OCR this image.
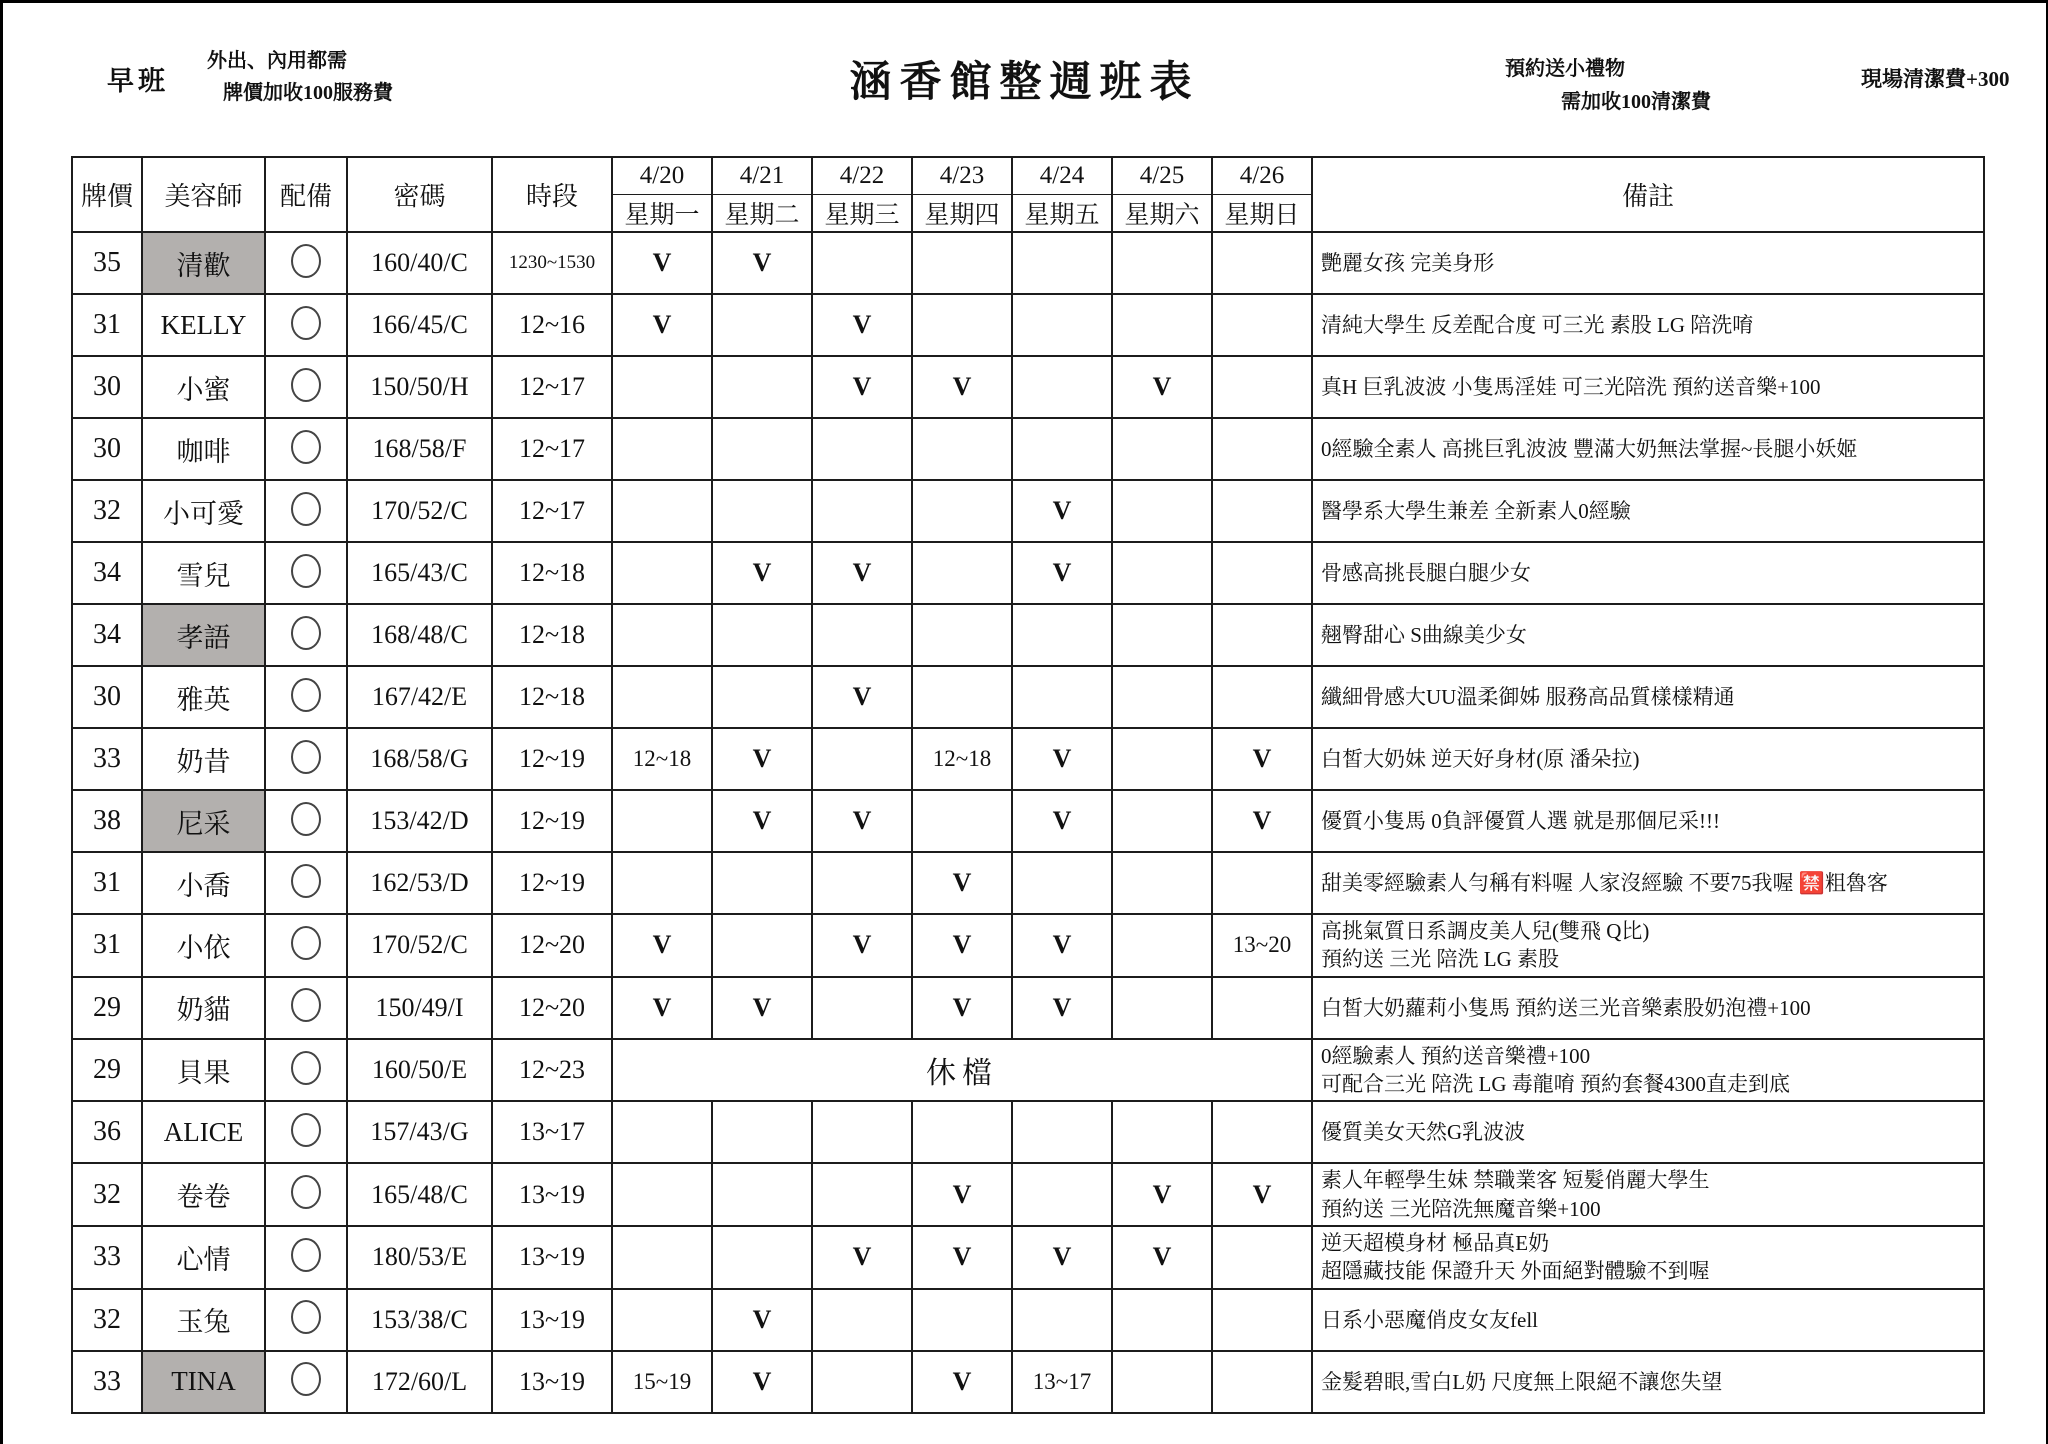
早班
外出、內用都需
牌價加收100服務費	涵香館整週班表	預約送小禮物
需加收100清潔費
現場清潔費+300
牌價	美容師	配備	密碼	時段	4/20	4/21	4/22	4/23	4/24	4/25	4/26	備註
					星期一	星期二	星期三	星期四	星期五	星期六	星期日	
35	清歡		160/40/C	1230~1530	V	V						艷麗女孩 完美身形

31	KELLY		166/45/C	12~16	V		V					清純大學生 反差配合度 可三光 素股 LG 陪洗唷

30	小蜜		150/50/H	12~17			V	V		V		真H 巨乳波波 小隻馬淫娃 可三光陪洗 預約送音樂+100

30	咖啡		168/58/F	12~17								0經驗全素人 高挑巨乳波波 豐滿大奶無法掌握~長腿小妖姬

32	小可愛		170/52/C	12~17					V			醫學系大學生兼差 全新素人0經驗

34	雪兒		165/43/C	12~18		V	V		V			骨感高挑長腿白腿少女

34	孝語		168/48/C	12~18								翹臀甜心 S曲線美少女

30	雅英		167/42/E	12~18			V					纖細骨感大UU溫柔御姊 服務高品質樣樣精通

33	奶昔		168/58/G	12~19	12~18	V		12~18	V		V	白皙大奶妹 逆天好身材(原 潘朵拉)

38	尼采		153/42/D	12~19		V	V		V		V	優質小隻馬 0負評優質人選 就是那個尼采!!!

31	小喬		162/53/D	12~19				V				甜美零經驗素人勻稱有料喔 人家沒經驗 不要75我喔 🈲粗魯客

31	小依		170/52/C	12~20	V		V	V	V		13~20	高挑氣質日系調皮美人兒(雙飛 Q比)
預約送 三光 陪洗 LG 素股

29	奶貓		150/49/I	12~20	V	V		V	V			白皙大奶蘿莉小隻馬 預約送三光音樂素股奶泡禮+100

29	貝果		160/50/E	12~23	休檔							0經驗素人 預約送音樂禮+100
可配合三光 陪洗 LG 毒龍唷 預約套餐4300直走到底

36	ALICE		157/43/G	13~17								優質美女天然G乳波波

32	卷卷		165/48/C	13~19				V		V	V	素人年輕學生妹 禁職業客 短髮俏麗大學生
預約送 三光陪洗無魔音樂+100

33	心情		180/53/E	13~19			V	V	V	V		逆天超模身材 極品真E奶
超隱藏技能 保證升天 外面絕對體驗不到喔

32	玉兔		153/38/C	13~19		V						日系小惡魔俏皮女友fell

33	TINA		172/60/L	13~19	15~19	V		V	13~17			金髮碧眼,雪白L奶 尺度無上限絕不讓您失望
